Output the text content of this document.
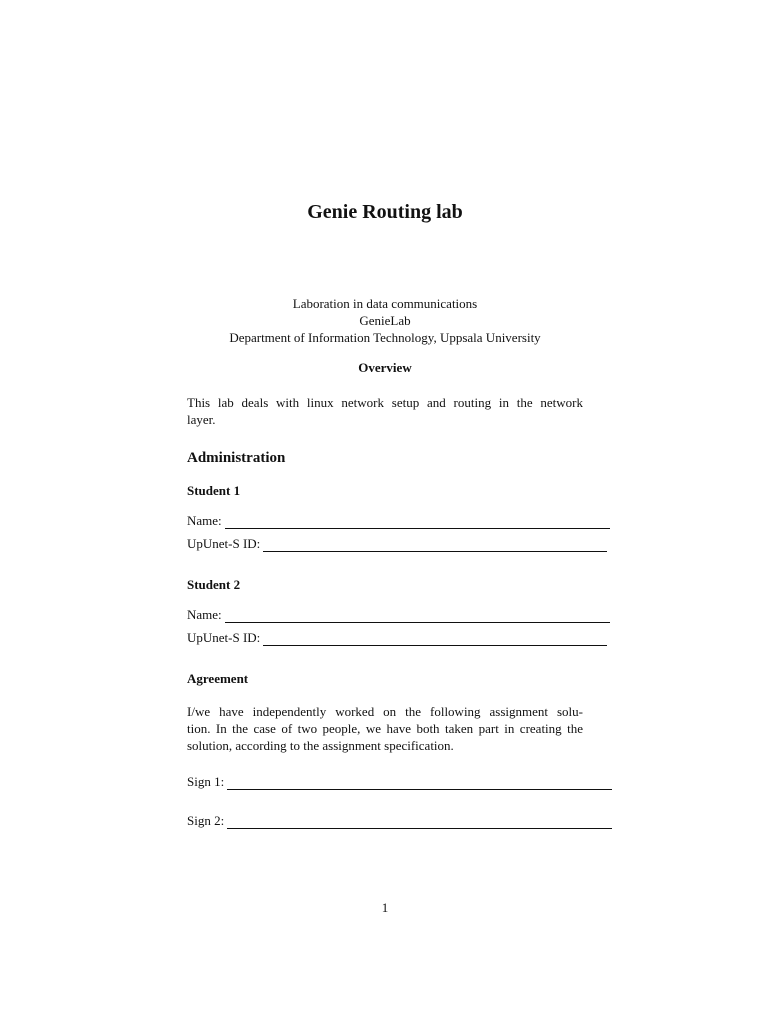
Genie Routing lab
Laboration in data communications
GenieLab
Department of Information Technology, Uppsala University
Overview
This lab deals with linux network setup and routing in the network
layer.
Administration
Student 1
Name:
UpUnet-S ID:
Student 2
Name:
UpUnet-S ID:
Agreement
I/we have independently worked on the following assignment solu-
tion. In the case of two people, we have both taken part in creating the
solution, according to the assignment specification.
Sign 1:
Sign 2:
1
